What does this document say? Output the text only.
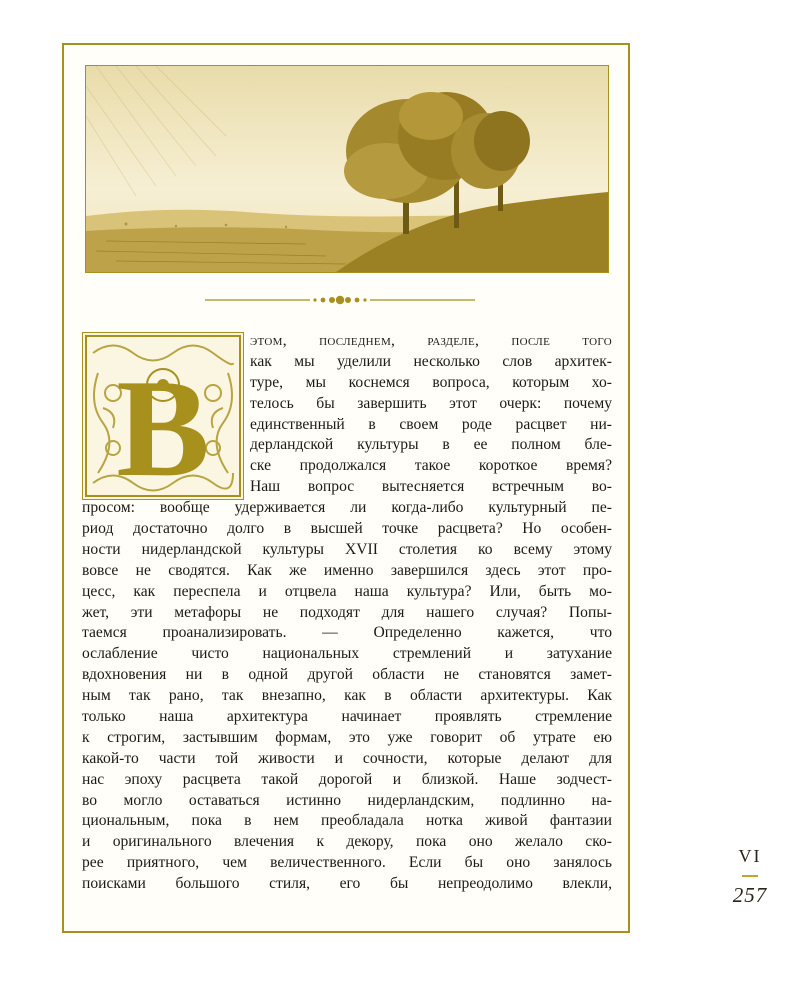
В
этом, последнем, разделе, после того
как мы уделили несколько слов архитек-
туре, мы коснемся вопроса, которым хо-
телось бы завершить этот очерк: почему
единственный в своем роде расцвет ни-
дерландской культуры в ее полном бле-
ске продолжался такое короткое время?
Наш вопрос вытесняется встречным во-
просом: вообще удерживается ли когда-либо культурный пе-
риод достаточно долго в высшей точке расцвета? Но особен-
ности нидерландской культуры XVII столетия ко всему этому
вовсе не сводятся. Как же именно завершился здесь этот про-
цесс, как переспела и отцвела наша культура? Или, быть мо-
жет, эти метафоры не подходят для нашего случая? Попы-
таемся проанализировать. — Определенно кажется, что
ослабление чисто национальных стремлений и затухание
вдохновения ни в одной другой области не становятся замет-
ным так рано, так внезапно, как в области архитектуры. Как
только наша архитектура начинает проявлять стремление
к строгим, застывшим формам, это уже говорит об утрате ею
какой-то части той живости и сочности, которые делают для
нас эпоху расцвета такой дорогой и близкой. Наше зодчест-
во могло оставаться истинно нидерландским, подлинно на-
циональным, пока в нем преобладала нотка живой фантазии
и оригинального влечения к декору, пока оно желало ско-
рее приятного, чем величественного. Если бы оно занялось
поисками большого стиля, его бы непреодолимо влекли,
VI
257
